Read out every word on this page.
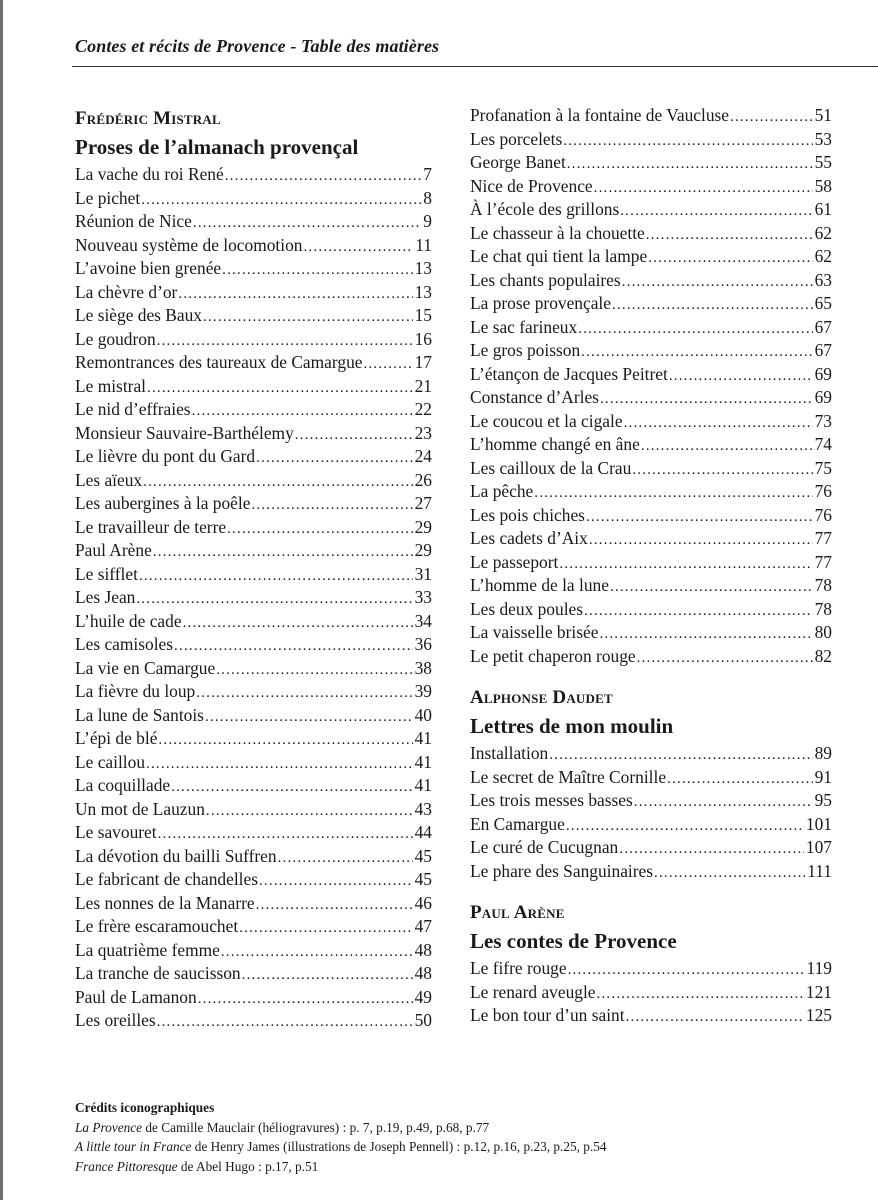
Contes et récits de Provence - Table des matières
Frédéric Mistral
Proses de l’almanach provençal
La vache du roi René .....	7
Le pichet .....	8
Réunion de Nice .....	9
Nouveau système de locomotion .....	11
L’avoine bien grenée .....	13
La chèvre d’or .....	13
Le siège des Baux .....	15
Le goudron .....	16
Remontrances des taureaux de Camargue .....	17
Le mistral .....	21
Le nid d’effraies .....	22
Monsieur Sauvaire-Barthélemy .....	23
Le lièvre du pont du Gard .....	24
Les aïeux .....	26
Les aubergines à la poêle .....	27
Le travailleur de terre .....	29
Paul Arène .....	29
Le sifflet .....	31
Les Jean .....	33
L’huile de cade .....	34
Les camisoles .....	36
La vie en Camargue .....	38
La fièvre du loup .....	39
La lune de Santois .....	40
L’épi de blé .....	41
Le caillou .....	41
La coquillade .....	41
Un mot de Lauzun .....	43
Le savouret .....	44
La dévotion du bailli Suffren .....	45
Le fabricant de chandelles .....	45
Les nonnes de la Manarre .....	46
Le frère escaramouchet .....	47
La quatrième femme .....	48
La tranche de saucisson .....	48
Paul de Lamanon .....	49
Les oreilles .....	50
Profanation à la fontaine de Vaucluse .....	51
Les porcelets .....	53
George Banet .....	55
Nice de Provence .....	58
À l’école des grillons .....	61
Le chasseur à la chouette .....	62
Le chat qui tient la lampe .....	62
Les chants populaires .....	63
La prose provençale .....	65
Le sac farineux .....	67
Le gros poisson .....	67
L’étançon de Jacques Peitret .....	69
Constance d’Arles .....	69
Le coucou et la cigale .....	73
L’homme changé en âne .....	74
Les cailloux de la Crau .....	75
La pêche .....	76
Les pois chiches .....	76
Les cadets d’Aix .....	77
Le passeport .....	77
L’homme de la lune .....	78
Les deux poules .....	78
La vaisselle brisée .....	80
Le petit chaperon rouge .....	82
Alphonse Daudet
Lettres de mon moulin
Installation .....	89
Le secret de Maître Cornille .....	91
Les trois messes basses .....	95
En Camargue .....	101
Le curé de Cucugnan .....	107
Le phare des Sanguinaires .....	111
Paul Arène
Les contes de Provence
Le fifre rouge .....	119
Le renard aveugle .....	121
Le bon tour d’un saint .....	125
Crédits iconographiques
La Provence de Camille Mauclair (héliogravures) : p. 7, p.19, p.49, p.68, p.77
A little tour in France de Henry James (illustrations de Joseph Pennell) : p.12, p.16, p.23, p.25, p.54
France Pittoresque de Abel Hugo : p.17, p.51
